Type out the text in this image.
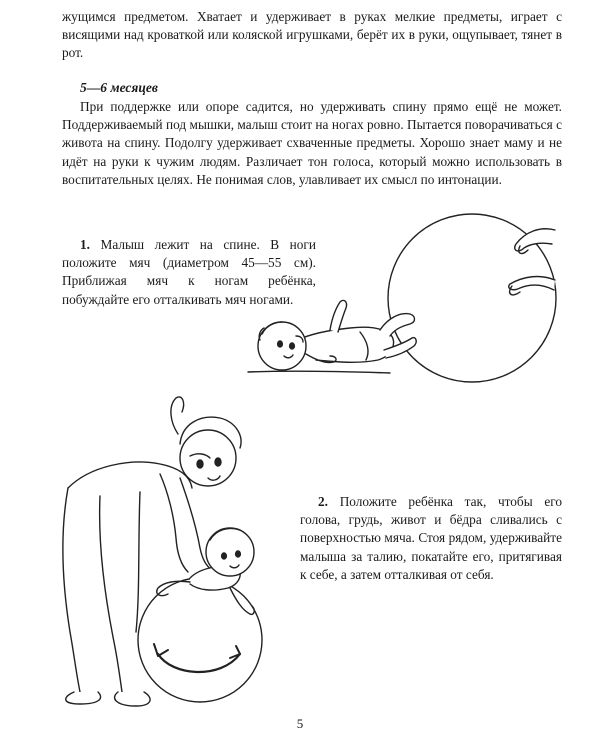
жущимся предметом. Хватает и удерживает в руках мелкие предметы, играет с висящими над кроваткой или коляской игрушками, берёт их в руки, ощупывает, тянет в рот.

5—6 месяцев

При поддержке или опоре садится, но удерживать спину прямо ещё не может. Поддерживаемый под мышки, малыш стоит на ногах ровно. Пытается поворачиваться с живота на спину. Подолгу удерживает схваченные предметы. Хорошо знает маму и не идёт на руки к чужим людям. Различает тон голоса, который можно использовать в воспитательных целях. Не понимая слов, улавливает их смысл по интонации.

1. Малыш лежит на спине. В ноги положите мяч (диаметром 45—55 см). Приближая мяч к ногам ребёнка, побуждайте его отталкивать мяч ногами.

2. Положите ребёнка так, чтобы его голова, грудь, живот и бёдра сливались с поверхностью мяча. Стоя рядом, удерживайте малыша за талию, покатайте его, притягивая к себе, а затем отталкивая от себя.

5
